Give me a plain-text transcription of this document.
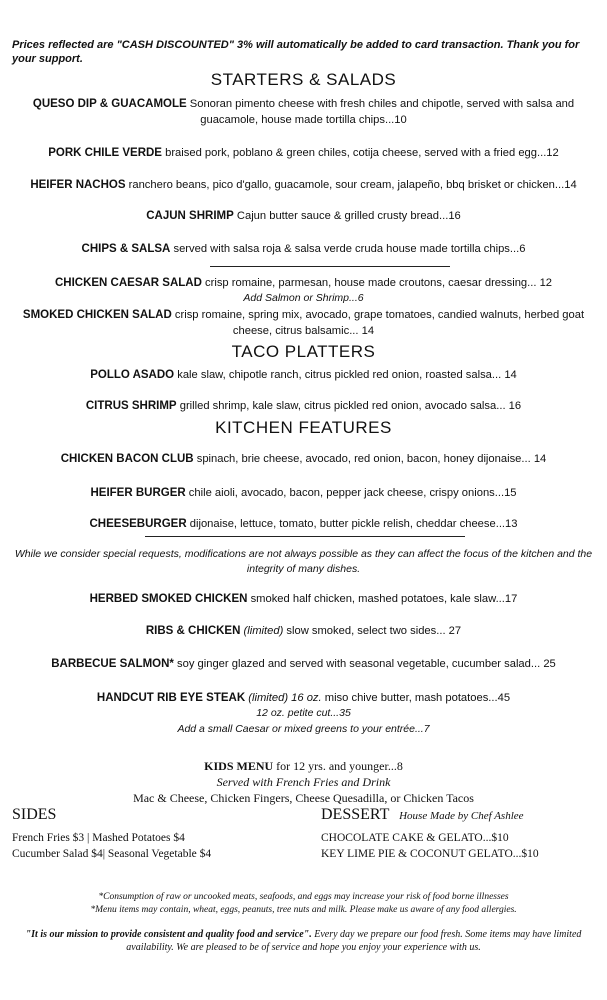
Prices reflected are "CASH DISCOUNTED" 3% will automatically be added to card transaction. Thank you for your support.
STARTERS & SALADS
QUESO DIP & GUACAMOLE Sonoran pimento cheese with fresh chiles and chipotle, served with salsa and guacamole, house made tortilla chips...10
PORK CHILE VERDE braised pork, poblano & green chiles, cotija cheese, served with a fried egg...12
HEIFER NACHOS ranchero beans, pico d'gallo, guacamole, sour cream, jalapeño, bbq brisket or chicken...14
CAJUN SHRIMP Cajun butter sauce & grilled crusty bread...16
CHIPS & SALSA served with salsa roja & salsa verde cruda house made tortilla chips...6
CHICKEN CAESAR SALAD crisp romaine, parmesan, house made croutons, caesar dressing... 12
Add Salmon or Shrimp...6
SMOKED CHICKEN SALAD crisp romaine, spring mix, avocado, grape tomatoes, candied walnuts, herbed goat cheese, citrus balsamic... 14
TACO PLATTERS
POLLO ASADO kale slaw, chipotle ranch, citrus pickled red onion, roasted salsa... 14
CITRUS SHRIMP grilled shrimp, kale slaw, citrus pickled red onion, avocado salsa... 16
KITCHEN FEATURES
CHICKEN BACON CLUB spinach, brie cheese, avocado, red onion, bacon, honey dijonaise... 14
HEIFER BURGER chile aioli, avocado, bacon, pepper jack cheese, crispy onions...15
CHEESEBURGER dijonaise, lettuce, tomato, butter pickle relish, cheddar cheese...13
While we consider special requests, modifications are not always possible as they can affect the focus of the kitchen and the integrity of many dishes.
HERBED SMOKED CHICKEN smoked half chicken, mashed potatoes, kale slaw...17
RIBS & CHICKEN (limited) slow smoked, select two sides... 27
BARBECUE SALMON* soy ginger glazed and served with seasonal vegetable, cucumber salad... 25
HANDCUT RIB EYE STEAK (limited) 16 oz. miso chive butter, mash potatoes...45
12 oz. petite cut...35
Add a small Caesar or mixed greens to your entrée...7
KIDS MENU for 12 yrs. and younger...8
Served with French Fries and Drink
Mac & Cheese, Chicken Fingers, Cheese Quesadilla, or Chicken Tacos
SIDES
French Fries $3 | Mashed Potatoes $4
Cucumber Salad $4| Seasonal Vegetable $4
DESSERT House Made by Chef Ashlee
CHOCOLATE CAKE & GELATO...$10
KEY LIME PIE & COCONUT GELATO...$10
*Consumption of raw or uncooked meats, seafoods, and eggs may increase your risk of food borne illnesses
*Menu items may contain, wheat, eggs, peanuts, tree nuts and milk. Please make us aware of any food allergies.
"It is our mission to provide consistent and quality food and service". Every day we prepare our food fresh. Some items may have limited availability. We are pleased to be of service and hope you enjoy your experience with us.
